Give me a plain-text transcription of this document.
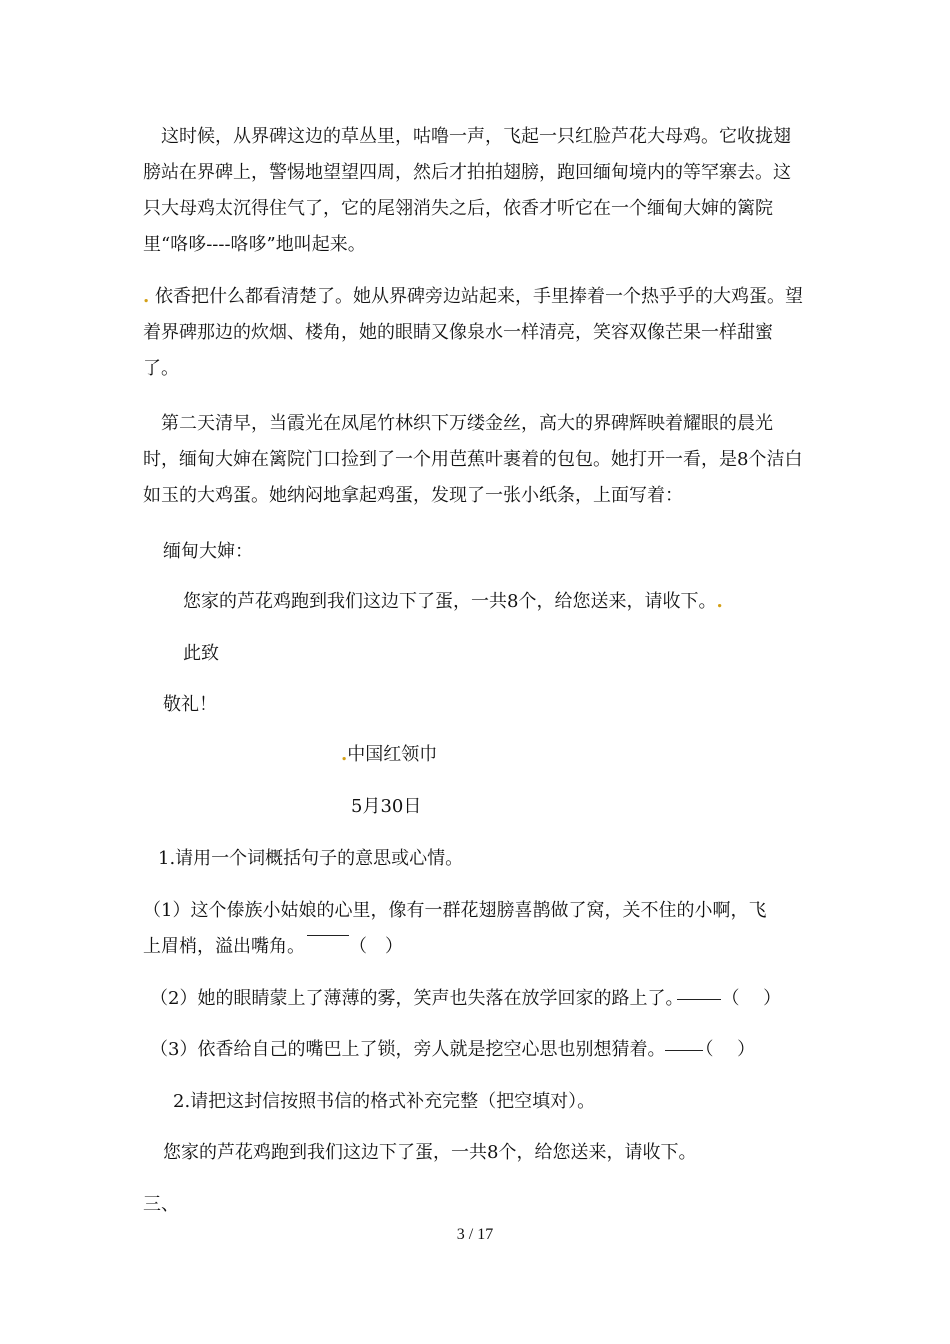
　这时候，从界碑这边的草丛里，咕噜一声，飞起一只红脸芦花大母鸡。它收拢翅膀站在界碑上，警惕地望望四周，然后才拍拍翅膀，跑回缅甸境内的等罕寨去。这只大母鸡太沉得住气了，它的尾翎消失之后，依香才听它在一个缅甸大婶的篱院里“咯哆----咯哆”地叫起来。

. 依香把什么都看清楚了。她从界碑旁边站起来，手里捧着一个热乎乎的大鸡蛋。望着界碑那边的炊烟、楼角，她的眼睛又像泉水一样清亮，笑容双像芒果一样甜蜜了。

　第二天清早，当霞光在凤尾竹林织下万缕金丝，高大的界碑辉映着耀眼的晨光时，缅甸大婶在篱院门口捡到了一个用芭蕉叶裹着的包包。她打开一看，是8个洁白如玉的大鸡蛋。她纳闷地拿起鸡蛋，发现了一张小纸条，上面写着：

缅甸大婶：
您家的芦花鸡跑到我们这边下了蛋，一共8个，给您送来，请收下。.
此致
敬礼！
.中国红领巾
5月30日
1.请用一个词概括句子的意思或心情。
（1）这个傣族小姑娘的心里，像有一群花翅膀喜鹊做了窝，关不住的小啊，飞
上眉梢，溢出嘴角。 （　）
（2）她的眼睛蒙上了薄薄的雾，笑声也失落在放学回家的路上了。 （　 ）
（3）依香给自己的嘴巴上了锁，旁人就是挖空心思也别想猜着。 （　 ）
2.请把这封信按照书信的格式补充完整（把空填对）。
您家的芦花鸡跑到我们这边下了蛋，一共8个，给您送来，请收下。
三、
3 / 17
